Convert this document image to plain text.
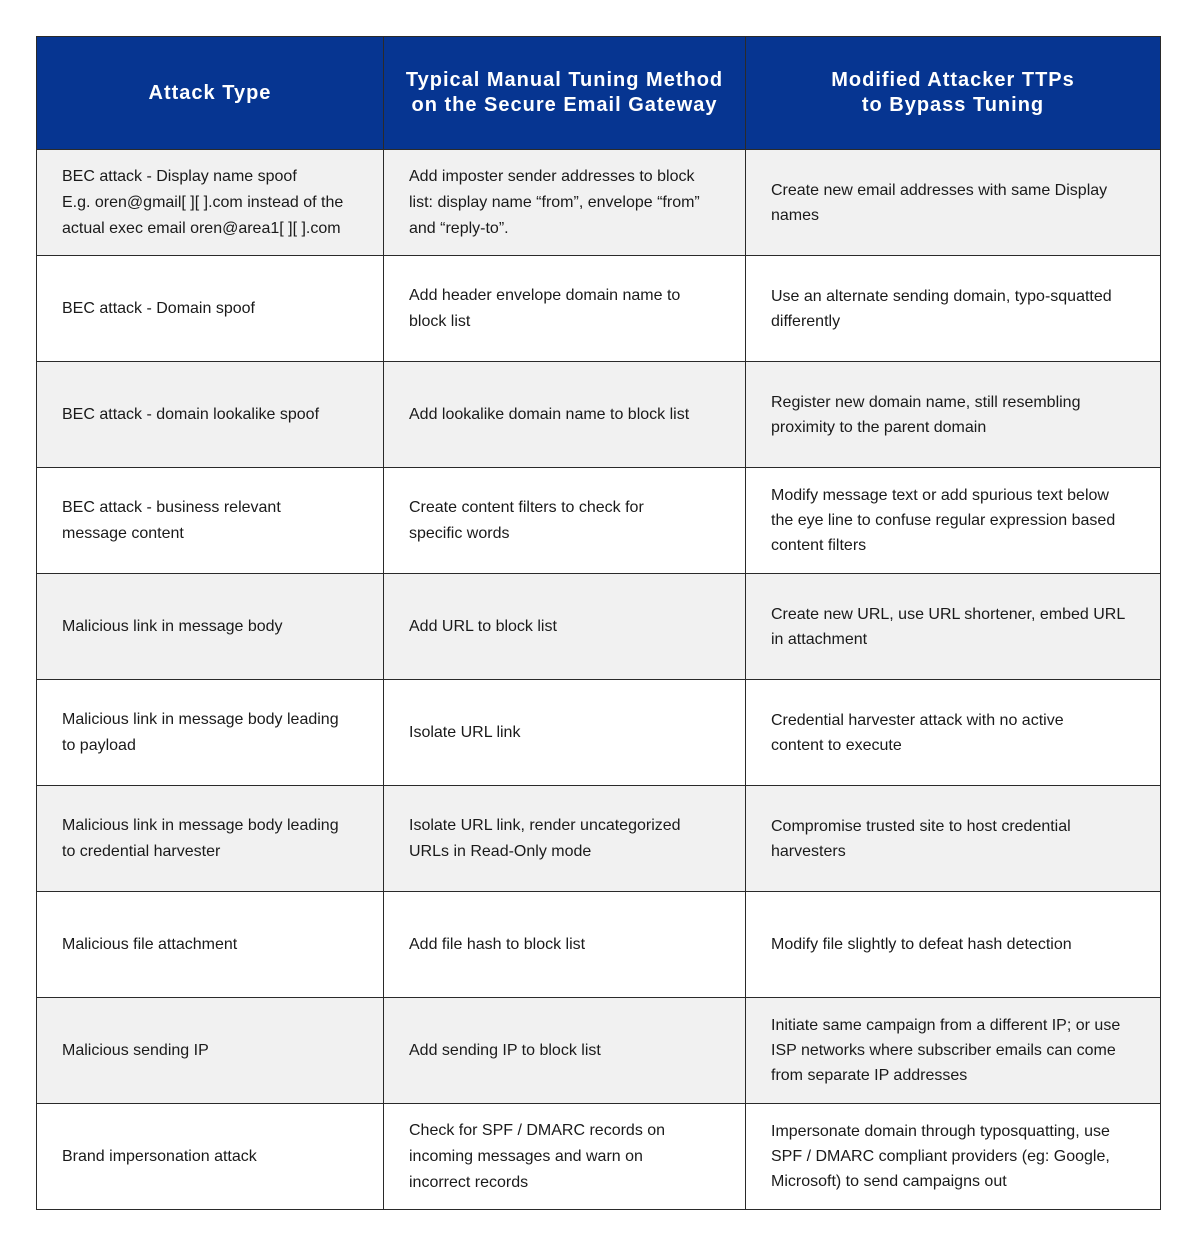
Attack Type	Typical Manual Tuning Method
on the Secure Email Gateway	Modified Attacker TTPs
to Bypass Tuning
BEC attack - Display name spoof
E.g. oren@gmail[ ][ ].com instead of the
actual exec email oren@area1[ ][ ].com	Add imposter sender addresses to block
list: display name “from”, envelope “from”
and “reply-to”.	Create new email addresses with same Display
names
BEC attack - Domain spoof	Add header envelope domain name to
block list	Use an alternate sending domain, typo-squatted
differently
BEC attack - domain lookalike spoof	Add lookalike domain name to block list	Register new domain name, still resembling
proximity to the parent domain
BEC attack - business relevant
message content	Create content filters to check for
specific words	Modify message text or add spurious text below
the eye line to confuse regular expression based
content filters
Malicious link in message body	Add URL to block list	Create new URL, use URL shortener, embed URL
in attachment
Malicious link in message body leading
to payload	Isolate URL link	Credential harvester attack with no active
content to execute
Malicious link in message body leading
to credential harvester	Isolate URL link, render uncategorized
URLs in Read-Only mode	Compromise trusted site to host credential
harvesters
Malicious file attachment	Add file hash to block list	Modify file slightly to defeat hash detection
Malicious sending IP	Add sending IP to block list	Initiate same campaign from a different IP; or use
ISP networks where subscriber emails can come
from separate IP addresses
Brand impersonation attack	Check for SPF / DMARC records on
incoming messages and warn on
incorrect records	Impersonate domain through typosquatting, use
SPF / DMARC compliant providers (eg: Google,
Microsoft) to send campaigns out
